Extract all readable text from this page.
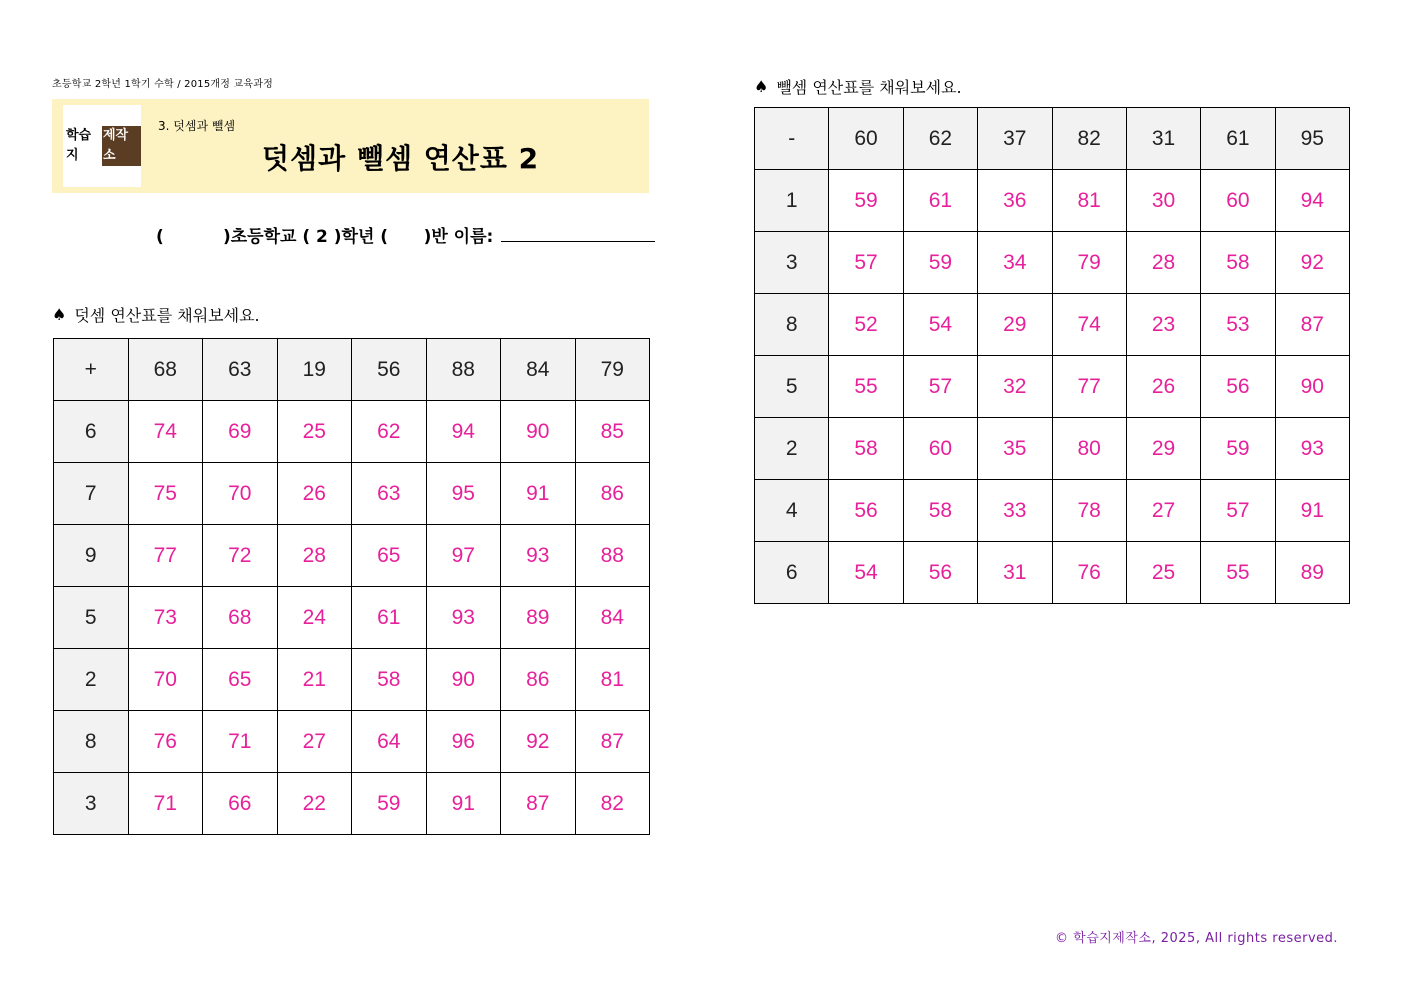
초등학교 2학년 1학기 수학 / 2015개정 교육과정
학습지
제작소
3. 덧셈과 뺄셈
덧셈과 뺄셈 연산표 2
(          )초등학교 ( 2 )학년 (      )반 이름:
♠ 덧셈 연산표를 채워보세요.
+	68	63	19	56	88	84	79
6	74	69	25	62	94	90	85
7	75	70	26	63	95	91	86
9	77	72	28	65	97	93	88
5	73	68	24	61	93	89	84
2	70	65	21	58	90	86	81
8	76	71	27	64	96	92	87
3	71	66	22	59	91	87	82
♠ 뺄셈 연산표를 채워보세요.
-	60	62	37	82	31	61	95
1	59	61	36	81	30	60	94
3	57	59	34	79	28	58	92
8	52	54	29	74	23	53	87
5	55	57	32	77	26	56	90
2	58	60	35	80	29	59	93
4	56	58	33	78	27	57	91
6	54	56	31	76	25	55	89
© 학습지제작소, 2025, All rights reserved.
